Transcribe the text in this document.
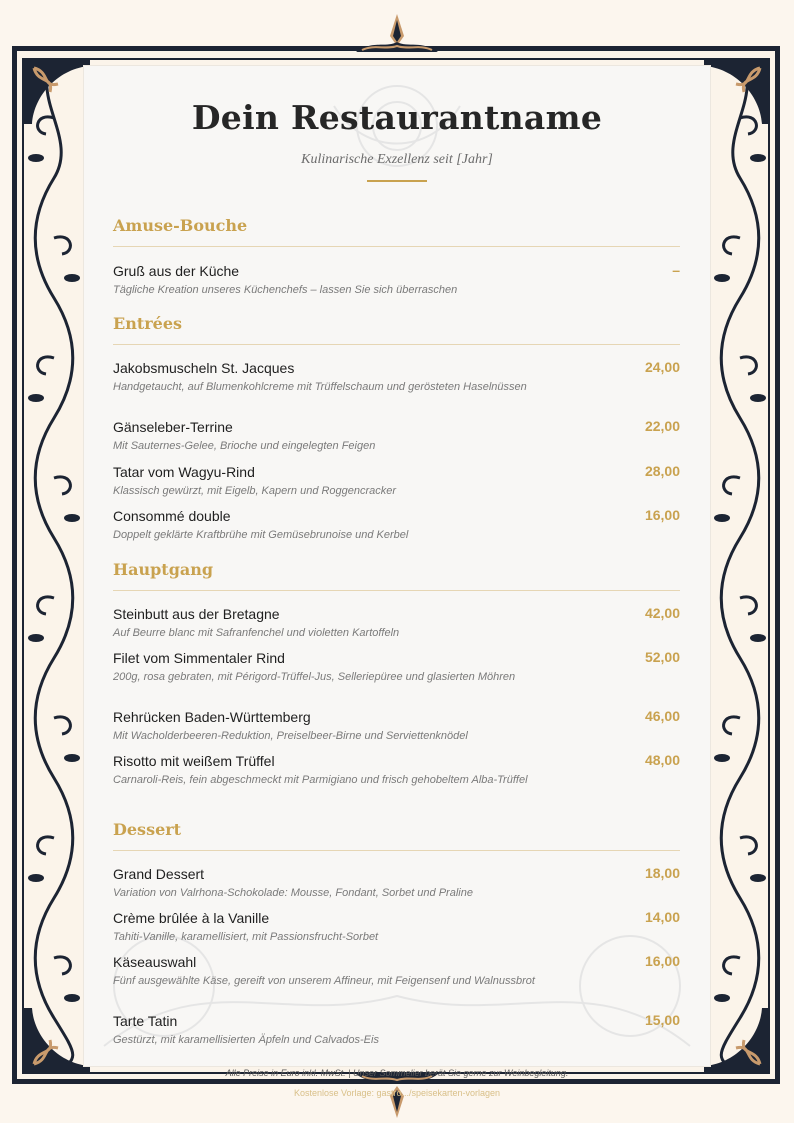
Dein Restaurantname
Kulinarische Exzellenz seit [Jahr]
Amuse-Bouche
Gruß aus der Küche
Tägliche Kreation unseres Küchenchefs – lassen Sie sich überraschen
–
Entrées
Jakobsmuscheln St. Jacques
Handgetaucht, auf Blumenkohlcreme mit Trüffelschaum und gerösteten Haselnüssen
24,00
Gänseleber-Terrine
Mit Sauternes-Gelee, Brioche und eingelegten Feigen
22,00
Tatar vom Wagyu-Rind
Klassisch gewürzt, mit Eigelb, Kapern und Roggencracker
28,00
Consommé double
Doppelt geklärte Kraftbrühe mit Gemüsebrunoise und Kerbel
16,00
Hauptgang
Steinbutt aus der Bretagne
Auf Beurre blanc mit Safranfenchel und violetten Kartoffeln
42,00
Filet vom Simmentaler Rind
200g, rosa gebraten, mit Périgord-Trüffel-Jus, Selleriepüree und glasierten Möhren
52,00
Rehrücken Baden-Württemberg
Mit Wacholderbeeren-Reduktion, Preiselbeer-Birne und Serviettenknödel
46,00
Risotto mit weißem Trüffel
Carnaroli-Reis, fein abgeschmeckt mit Parmigiano und frisch gehobeltem Alba-Trüffel
48,00
Dessert
Grand Dessert
Variation von Valrhona-Schokolade: Mousse, Fondant, Sorbet und Praline
18,00
Crème brûlée à la Vanille
Tahiti-Vanille, karamellisiert, mit Passionsfrucht-Sorbet
14,00
Käseauswahl
Fünf ausgewählte Käse, gereift von unserem Affineur, mit Feigensenf und Walnussbrot
16,00
Tarte Tatin
Gestürzt, mit karamellisierten Äpfeln und Calvados-Eis
15,00
Alle Preise in Euro inkl. MwSt. | Unser Sommelier berät Sie gerne zur Weinbegleitung.
Kostenlose Vorlage: gastro.../speisekarten-vorlagen
